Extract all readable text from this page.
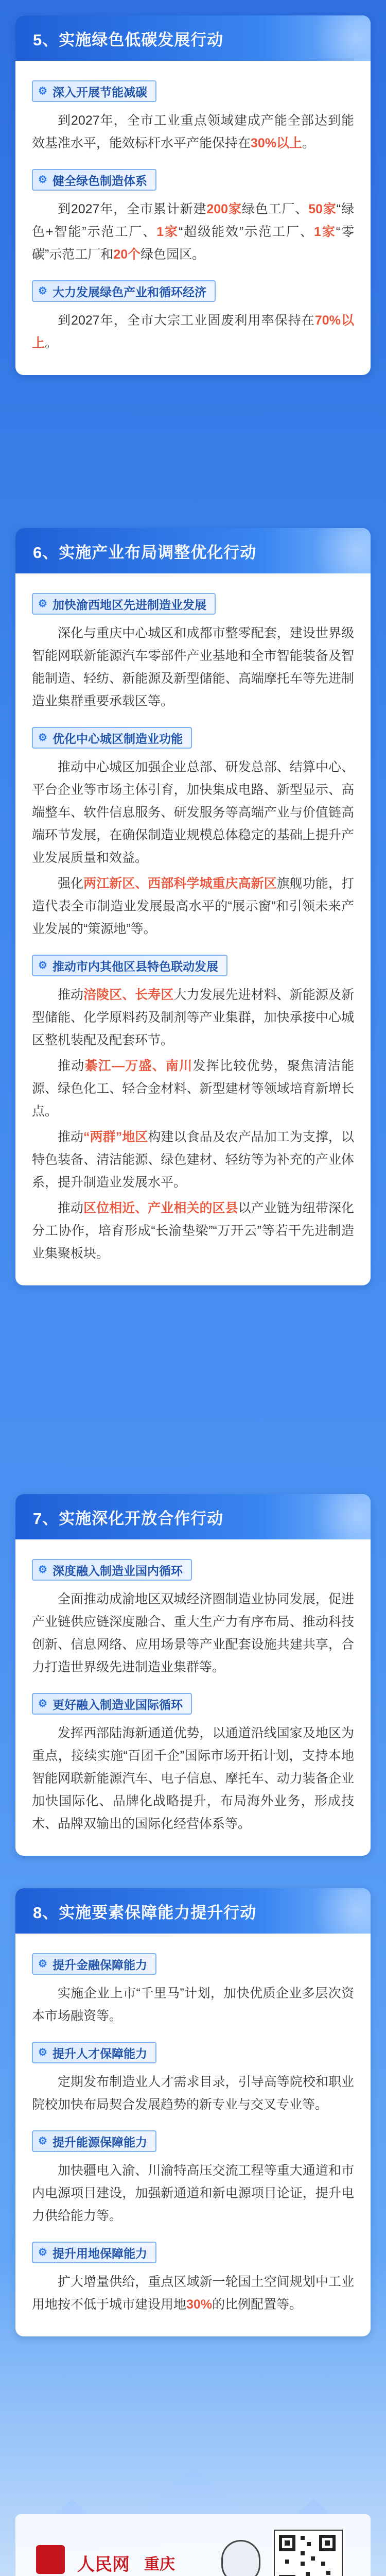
5、实施绿色低碳发展行动
⚙ 深入开展节能减碳

到2027年，全市工业重点领域建成产能全部达到能效基准水平，能效标杆水平产能保持在30%以上。

⚙ 健全绿色制造体系

到2027年，全市累计新建200家绿色工厂、50家“绿色+智能”示范工厂、1家“超级能效”示范工厂、1家“零碳”示范工厂和20个绿色园区。

⚙ 大力发展绿色产业和循环经济

到2027年，全市大宗工业固废利用率保持在70%以上。

6、实施产业布局调整优化行动
⚙ 加快渝西地区先进制造业发展

深化与重庆中心城区和成都市整零配套，建设世界级智能网联新能源汽车零部件产业基地和全市智能装备及智能制造、轻纺、新能源及新型储能、高端摩托车等先进制造业集群重要承载区等。

⚙ 优化中心城区制造业功能

推动中心城区加强企业总部、研发总部、结算中心、平台企业等市场主体引育，加快集成电路、新型显示、高端整车、软件信息服务、研发服务等高端产业与价值链高端环节发展，在确保制造业规模总体稳定的基础上提升产业发展质量和效益。

强化两江新区、西部科学城重庆高新区旗舰功能，打造代表全市制造业发展最高水平的“展示窗”和引领未来产业发展的“策源地”等。

⚙ 推动市内其他区县特色联动发展

推动涪陵区、长寿区大力发展先进材料、新能源及新型储能、化学原料药及制剂等产业集群，加快承接中心城区整机装配及配套环节。

推动綦江—万盛、南川发挥比较优势，聚焦清洁能源、绿色化工、轻合金材料、新型建材等领域培育新增长点。

推动“两群”地区构建以食品及农产品加工为支撑，以特色装备、清洁能源、绿色建材、轻纺等为补充的产业体系，提升制造业发展水平。

推动区位相近、产业相关的区县以产业链为纽带深化分工协作，培育形成“长渝垫梁”“万开云”等若干先进制造业集聚板块。

7、实施深化开放合作行动
⚙ 深度融入制造业国内循环

全面推动成渝地区双城经济圈制造业协同发展，促进产业链供应链深度融合、重大生产力有序布局、推动科技创新、信息网络、应用场景等产业配套设施共建共享，合力打造世界级先进制造业集群等。

⚙ 更好融入制造业国际循环

发挥西部陆海新通道优势，以通道沿线国家及地区为重点，接续实施“百团千企”国际市场开拓计划，支持本地智能网联新能源汽车、电子信息、摩托车、动力装备企业加快国际化、品牌化战略提升，布局海外业务，形成技术、品牌双输出的国际化经营体系等。

8、实施要素保障能力提升行动
⚙ 提升金融保障能力

实施企业上市“千里马”计划，加快优质企业多层次资本市场融资等。

⚙ 提升人才保障能力

定期发布制造业人才需求目录，引导高等院校和职业院校加快布局契合发展趋势的新专业与交叉专业等。

⚙ 提升能源保障能力

加快疆电入渝、川渝特高压交流工程等重大通道和市内电源项目建设，加强新通道和新电源项目论证，提升电力供给能力等。

⚙ 提升用地保障能力

扩大增量供给，重点区域新一轮国土空间规划中工业用地按不低于城市建设用地30%的比例配置等。

人民网 重庆
